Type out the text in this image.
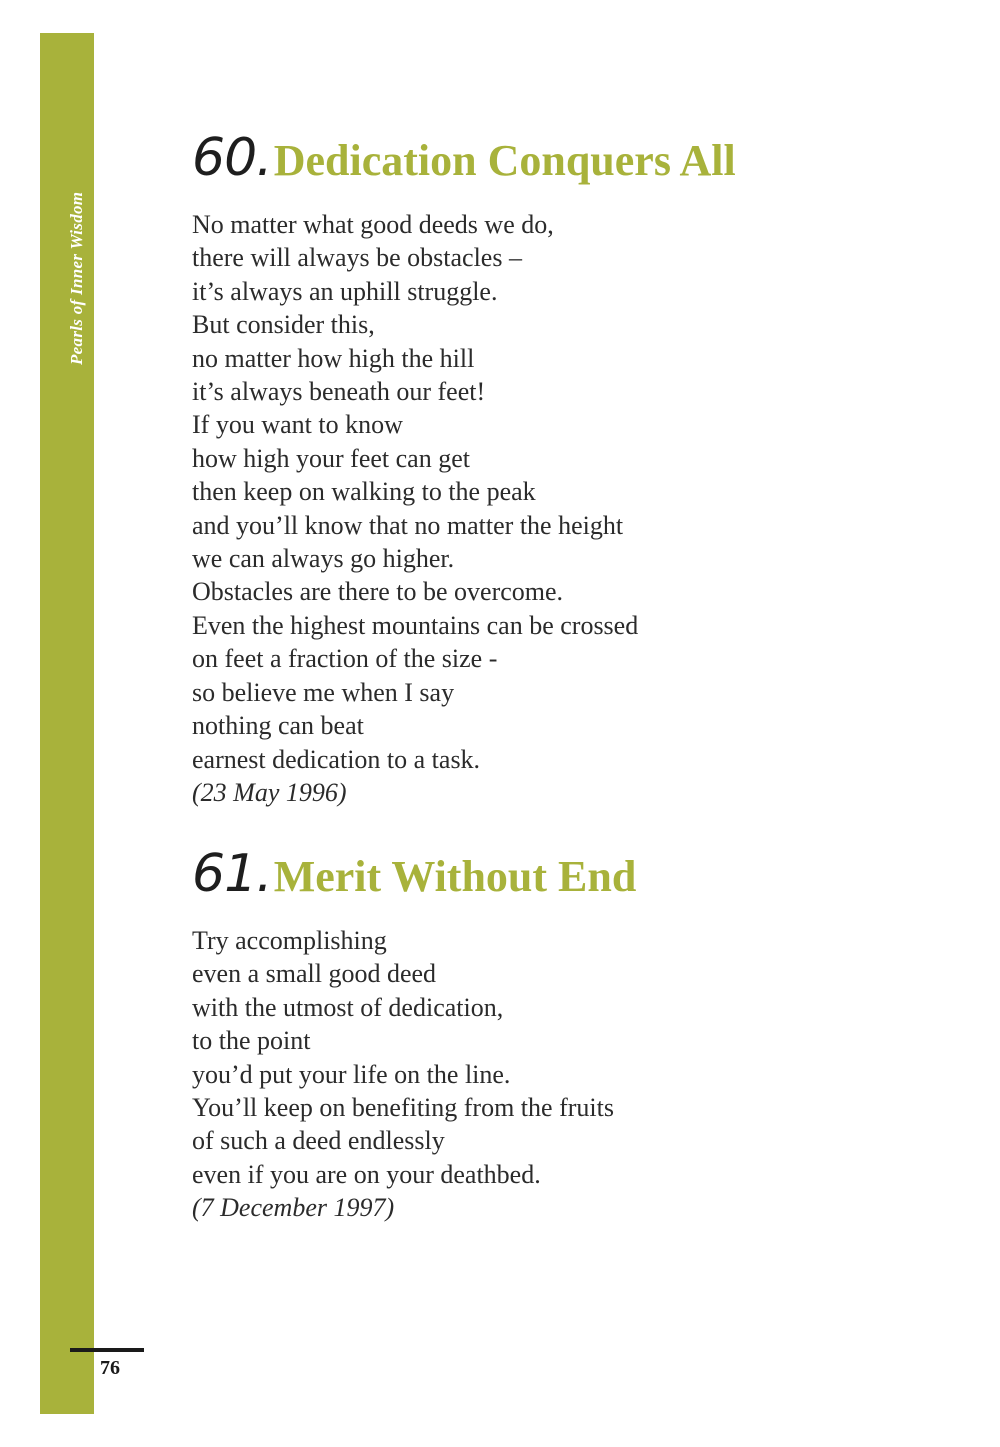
Pearls of Inner Wisdom
76
60. Dedication Conquers All
No matter what good deeds we do,
there will always be obstacles –
it’s always an uphill struggle.
But consider this,
no matter how high the hill
it’s always beneath our feet!
If you want to know
how high your feet can get
then keep on walking to the peak
and you’ll know that no matter the height
we can always go higher.
Obstacles are there to be overcome.
Even the highest mountains can be crossed
on feet a fraction of the size -
so believe me when I say
nothing can beat
earnest dedication to a task.
(23 May 1996)
61. Merit Without End
Try accomplishing
even a small good deed
with the utmost of dedication,
to the point
you’d put your life on the line.
You’ll keep on benefiting from the fruits
of such a deed endlessly
even if you are on your deathbed.
(7 December 1997)
